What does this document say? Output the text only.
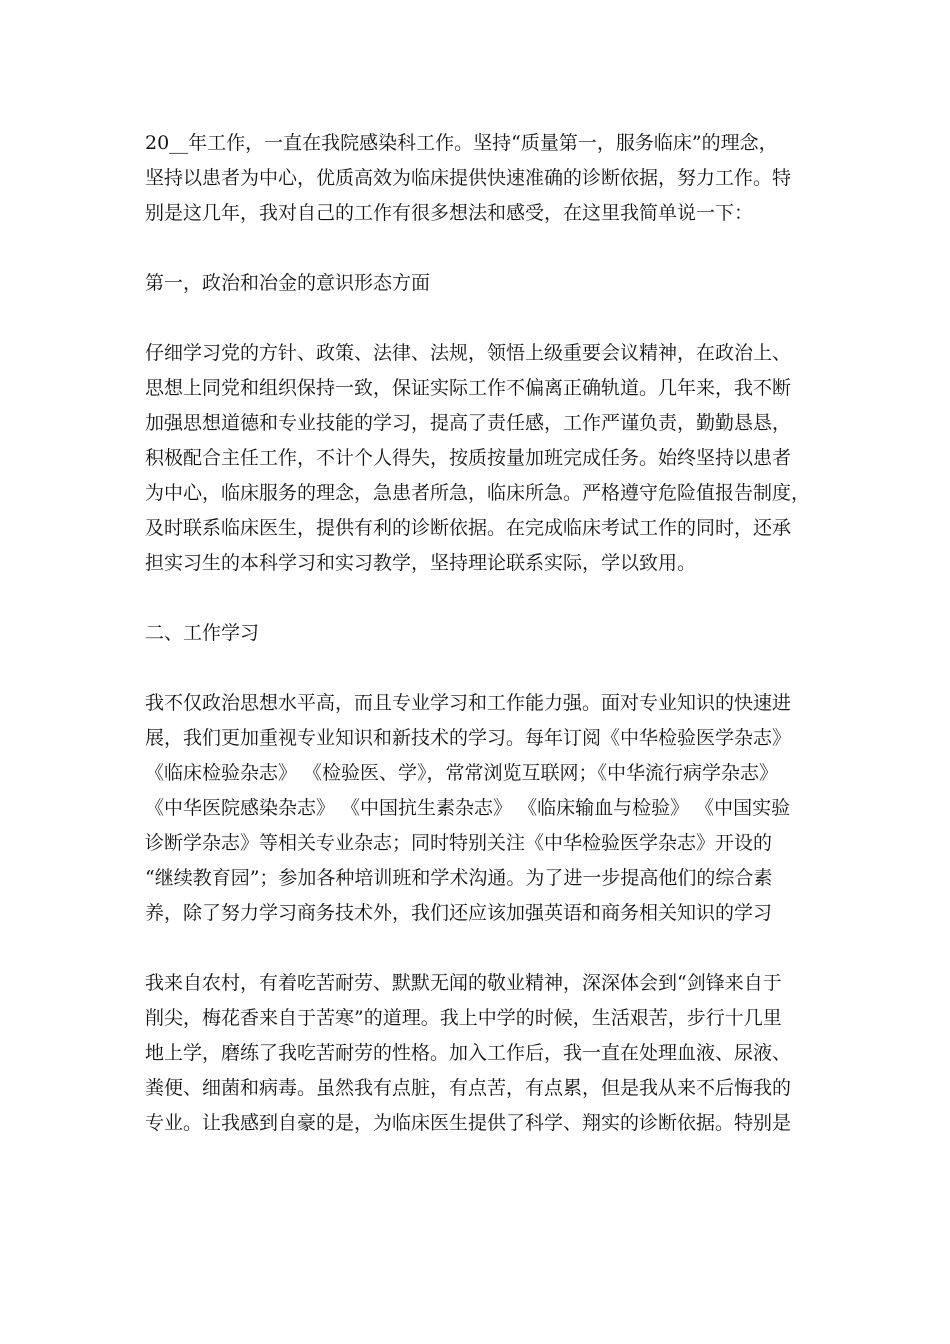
20__年工作，一直在我院感染科工作。坚持“质量第一，服务临床”的理念，
坚持以患者为中心，优质高效为临床提供快速准确的诊断依据，努力工作。特
别是这几年，我对自己的工作有很多想法和感受，在这里我简单说一下：
第一，政治和冶金的意识形态方面
仔细学习党的方针、政策、法律、法规，领悟上级重要会议精神，在政治上、
思想上同党和组织保持一致，保证实际工作不偏离正确轨道。几年来，我不断
加强思想道德和专业技能的学习，提高了责任感，工作严谨负责，勤勤恳恳，
积极配合主任工作，不计个人得失，按质按量加班完成任务。始终坚持以患者
为中心，临床服务的理念，急患者所急，临床所急。严格遵守危险值报告制度，
及时联系临床医生，提供有利的诊断依据。在完成临床考试工作的同时，还承
担实习生的本科学习和实习教学，坚持理论联系实际，学以致用。
二、工作学习
我不仅政治思想水平高，而且专业学习和工作能力强。面对专业知识的快速进
展，我们更加重视专业知识和新技术的学习。每年订阅《中华检验医学杂志》
《临床检验杂志》 《检验医、学》，常常浏览互联网；《中华流行病学杂志》
《中华医院感染杂志》 《中国抗生素杂志》 《临床输血与检验》 《中国实验
诊断学杂志》等相关专业杂志；同时特别关注《中华检验医学杂志》开设的
“继续教育园”；参加各种培训班和学术沟通。为了进一步提高他们的综合素
养，除了努力学习商务技术外，我们还应该加强英语和商务相关知识的学习
我来自农村，有着吃苦耐劳、默默无闻的敬业精神，深深体会到“剑锋来自于
削尖，梅花香来自于苦寒”的道理。我上中学的时候，生活艰苦，步行十几里
地上学，磨练了我吃苦耐劳的性格。加入工作后，我一直在处理血液、尿液、
粪便、细菌和病毒。虽然我有点脏，有点苦，有点累，但是我从来不后悔我的
专业。让我感到自豪的是，为临床医生提供了科学、翔实的诊断依据。特别是
